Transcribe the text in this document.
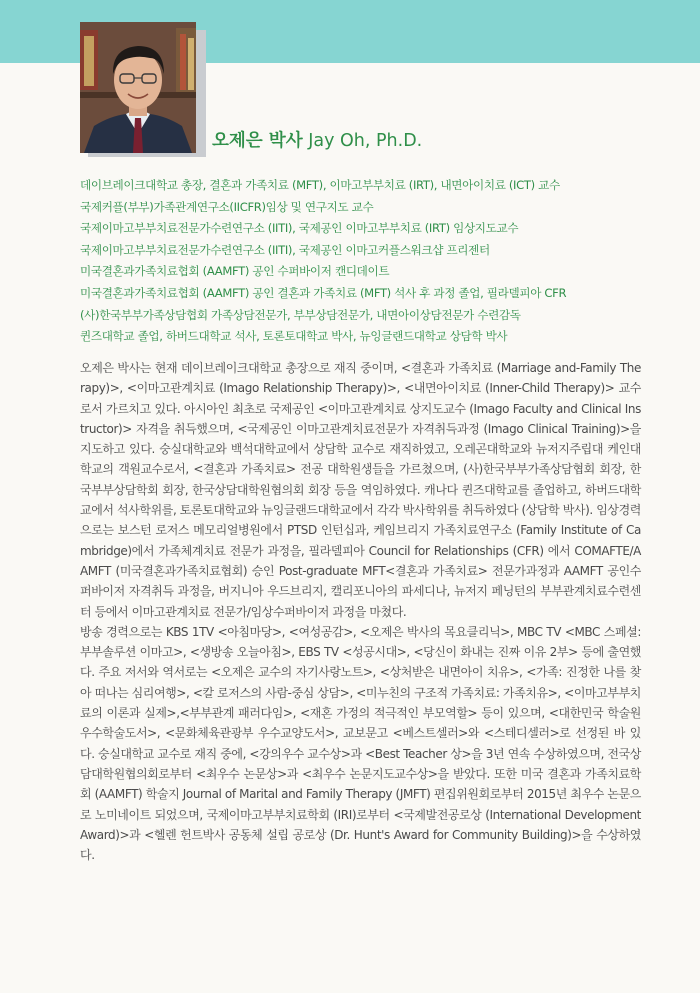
오제은 박사 Jay Oh, Ph.D.
데이브레이크대학교 총장, 결혼과 가족치료 (MFT), 이마고부부치료 (IRT), 내면아이치료 (ICT) 교수
국제커플(부부)가족관계연구소(IICFR)임상 및 연구지도 교수
국제이마고부부치료전문가수련연구소 (IITI), 국제공인 이마고부부치료 (IRT) 임상지도교수
국제이마고부부치료전문가수련연구소 (IITI), 국제공인 이마고커플스워크샵 프리젠터
미국결혼과가족치료협회 (AAMFT) 공인 수퍼바이저 캔디데이트
미국결혼과가족치료협회 (AAMFT) 공인 결혼과 가족치료 (MFT) 석사 후 과정 졸업, 필라델피아 CFR
(사)한국부부가족상담협회 가족상담전문가, 부부상담전문가, 내면아이상담전문가 수련감독
퀸즈대학교 졸업, 하버드대학교 석사, 토론토대학교 박사, 뉴잉글랜드대학교 상담학 박사

오제은 박사는 현재 데이브레이크대학교 총장으로 재직 중이며, <결혼과 가족치료 (Marriage and-Family Therapy)>, <이마고관계치료 (Imago Relationship Therapy)>, <내면아이치료 (Inner-Child Therapy)> 교수로서 가르치고 있다. 아시아인 최초로 국제공인 <이마고관계치료 상지도교수 (Imago Faculty and Clinical Instructor)> 자격을 취득했으며, <국제공인 이마고관계치료전문가 자격취득과정 (Imago Clinical Training)>을 지도하고 있다. 숭실대학교와 백석대학교에서 상담학 교수로 재직하였고, 오레곤대학교와 뉴저지주립대 케인대학교의 객원교수로서, <결혼과 가족치료> 전공 대학원생들을 가르쳤으며, (사)한국부부가족상담협회 회장, 한국부부상담학회 회장, 한국상담대학원협의회 회장 등을 역임하였다. 캐나다 퀸즈대학교를 졸업하고, 하버드대학교에서 석사학위를, 토론토대학교와 뉴잉글랜드대학교에서 각각 박사학위를 취득하였다 (상담학 박사). 임상경력으로는 보스턴 로저스 메모리얼병원에서 PTSD 인턴십과, 케임브리지 가족치료연구소 (Family Institute of Cambridge)에서 가족체계치료 전문가 과정을, 필라델피아 Council for Relationships (CFR) 에서 COMAFTE/AAMFT (미국결혼과가족치료협회) 승인 Post-graduate MFT<결혼과 가족치료> 전문가과정과 AAMFT 공인수퍼바이저 자격취득 과정을, 버지니아 우드브리지, 캘리포니아의 파세디나, 뉴저지 페닝턴의 부부관계치료수련센터 등에서 이마고관계치료 전문가/임상수퍼바이저 과정을 마쳤다.

방송 경력으로는 KBS 1TV <아침마당>, <여성공감>, <오제은 박사의 목요클리닉>, MBC TV <MBC 스페셜: 부부솔루션 이마고>, <생방송 오늘아침>, EBS TV <성공시대>, <당신이 화내는 진짜 이유 2부> 등에 출연했다. 주요 저서와 역서로는 <오제은 교수의 자기사랑노트>, <상처받은 내면아이 치유>, <가족: 진정한 나를 찾아 떠나는 심리여행>, <칼 로저스의 사람-중심 상담>, <미누친의 구조적 가족치료: 가족치유>, <이마고부부치료의 이론과 실제>,<부부관계 패러다임>, <재혼 가정의 적극적인 부모역할> 등이 있으며, <대한민국 학술원 우수학술도서>, <문화체육관광부 우수교양도서>, 교보문고 <베스트셀러>와 <스테디셀러>로 선정된 바 있다. 숭실대학교 교수로 재직 중에, <강의우수 교수상>과 <Best Teacher 상>을 3년 연속 수상하였으며, 전국상담대학원협의회로부터 <최우수 논문상>과 <최우수 논문지도교수상>을 받았다. 또한 미국 결혼과 가족치료학회 (AAMFT) 학술지 Journal of Marital and Family Therapy (JMFT) 편집위원회로부터 2015년 최우수 논문으로 노미네이트 되었으며, 국제이마고부부치료학회 (IRI)로부터 <국제발전공로상 (International Development Award)>과 <헬렌 헌트박사 공동체 설립 공로상 (Dr. Hunt's Award for Community Building)>을 수상하였다.
